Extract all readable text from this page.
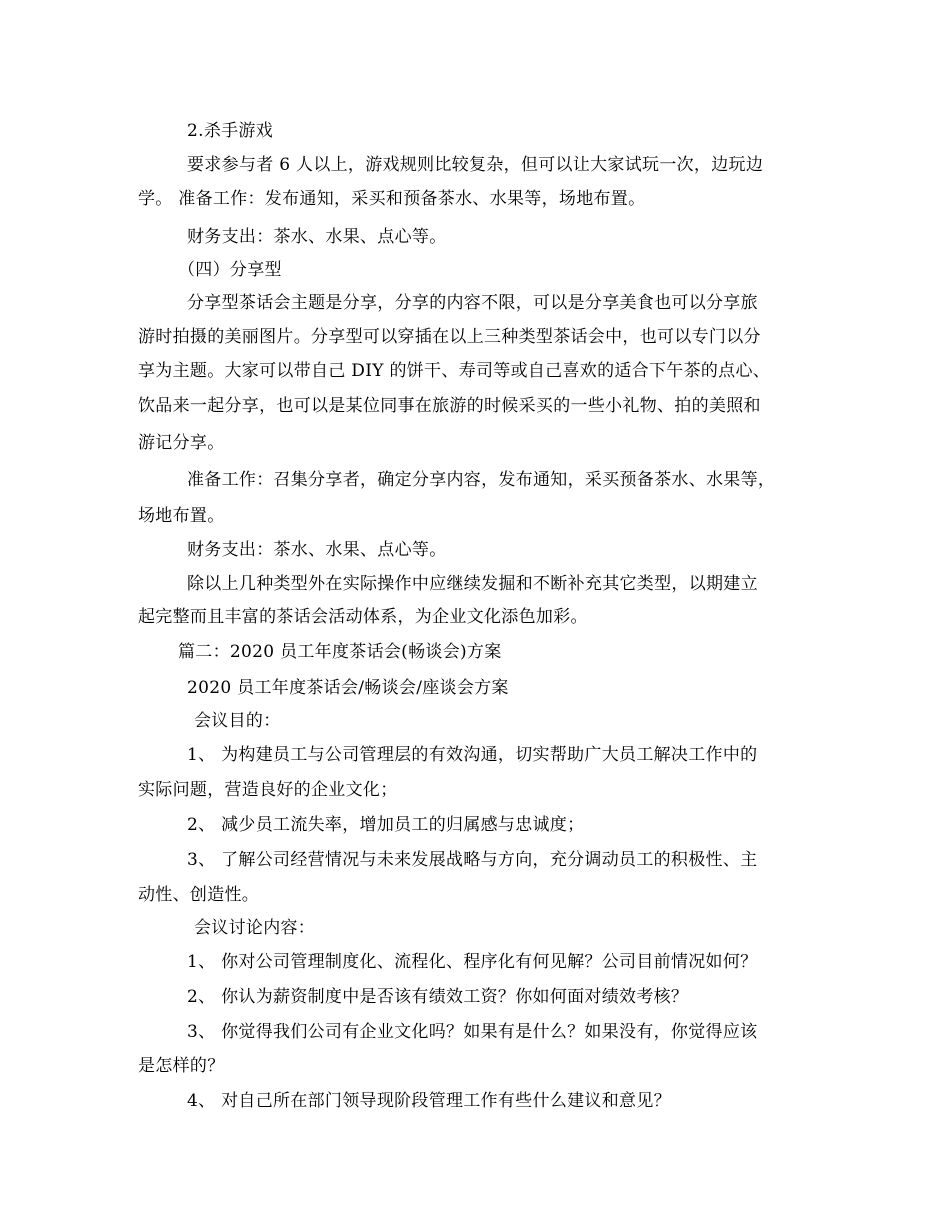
2.杀手游戏
要求参与者 6 人以上，游戏规则比较复杂，但可以让大家试玩一次，边玩边
学。 准备工作：发布通知，采买和预备茶水、水果等，场地布置。
财务支出：茶水、水果、点心等。
（四）分享型
分享型茶话会主题是分享，分享的内容不限，可以是分享美食也可以分享旅
游时拍摄的美丽图片。分享型可以穿插在以上三种类型茶话会中，也可以专门以分
享为主题。大家可以带自己 DIY 的饼干、寿司等或自己喜欢的适合下午茶的点心、
饮品来一起分享，也可以是某位同事在旅游的时候采买的一些小礼物、拍的美照和
游记分享。
准备工作：召集分享者，确定分享内容，发布通知，采买预备茶水、水果等，
场地布置。
财务支出：茶水、水果、点心等。
除以上几种类型外在实际操作中应继续发掘和不断补充其它类型，以期建立
起完整而且丰富的茶话会活动体系，为企业文化添色加彩。
篇二：2020 员工年度茶话会(畅谈会)方案
2020 员工年度茶话会/畅谈会/座谈会方案
会议目的：
1、 为构建员工与公司管理层的有效沟通，切实帮助广大员工解决工作中的
实际问题，营造良好的企业文化；
2、 减少员工流失率，增加员工的归属感与忠诚度；
3、 了解公司经营情况与未来发展战略与方向，充分调动员工的积极性、主
动性、创造性。
会议讨论内容：
1、 你对公司管理制度化、流程化、程序化有何见解？公司目前情况如何？
2、 你认为薪资制度中是否该有绩效工资？你如何面对绩效考核？
3、 你觉得我们公司有企业文化吗？如果有是什么？如果没有，你觉得应该
是怎样的？
4、 对自己所在部门领导现阶段管理工作有些什么建议和意见？
